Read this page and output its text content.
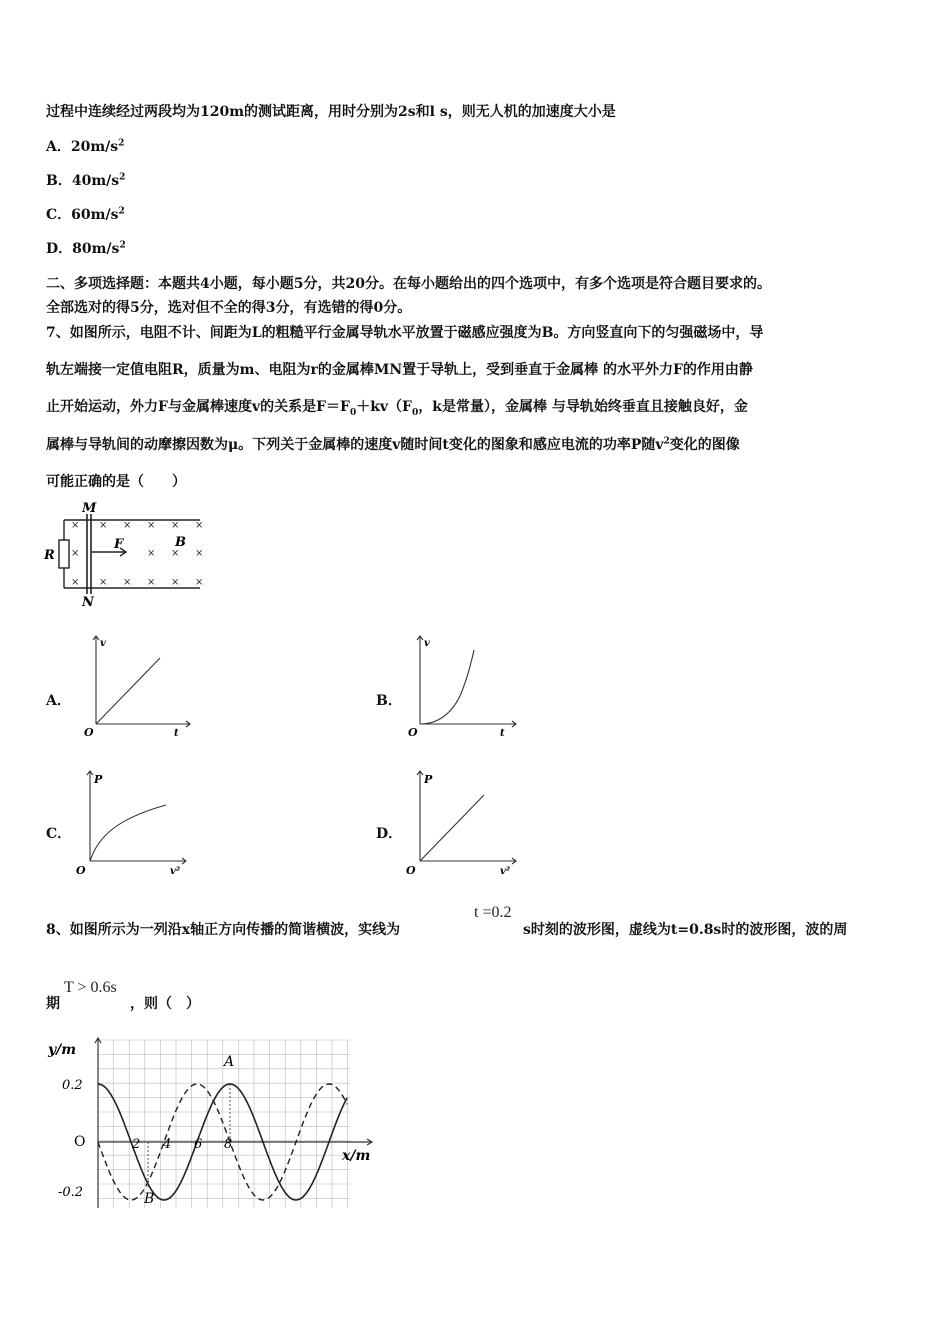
过程中连续经过两段均为120m的测试距离，用时分别为2s和l s，则无人机的加速度大小是
A．$20m/s^2$
B．$40m/s^2$
C．$60m/s^2$
D．$80m/s^2$
二、多项选择题：本题共4小题，每小题5分，共20分。在每小题给出的四个选项中，有多个选项是符合题目要求的。
全部选对的得5分，选对但不全的得3分，有选错的得0分。
7、如图所示，电阻不计、间距为L的粗糙平行金属导轨水平放置于磁感应强度为B。方向竖直向下的匀强磁场中，导
轨左端接一定值电阻R，质量为m、电阻为r的金属棒MN置于导轨上，受到垂直于金属棒 的水平外力F的作用由静
止开始运动，外力F与金属棒速度v的关系是$F=F_0+kv(F_0$，k是常量），金属棒 与导轨始终垂直且接触良好，金
属棒与导轨间的动摩擦因数为μ。下列关于金属棒的速度v随时间t变化的图象和感应电流的功率P随$v^2$变化的图像
可能正确的是（　　）
M
N
R
F	B
× × × × × ×
×	× × ×
× × × × × ×
A．
v
t
O
B．
v
t
O
C．
P
v²
O
D．
P
v²
O
8、如图所示为一列沿x轴正方向传播的简谐横波，实线为
t =0.2
s时刻的波形图，虚线为t=0.8s时的波形图，波的周
期
T > 0.6s
，则（　）
y/m
x/m
O
0.2
-0.2
2 4 6 8
A
B
